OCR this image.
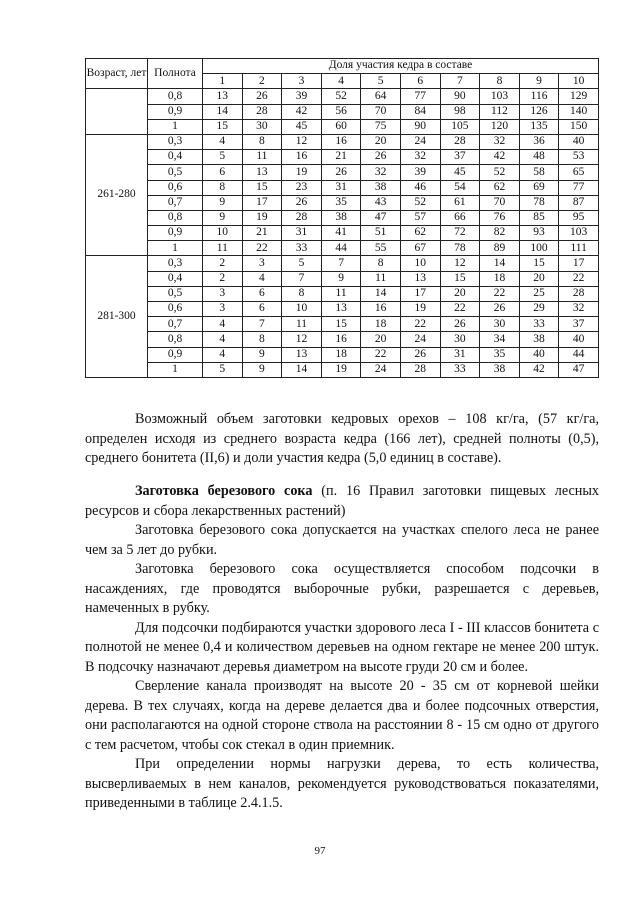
Возраст, лет	Полнота	Доля участия кедра в составе									
		1	2	3	4	5	6	7	8	9	10
	0,8	13	26	39	52	64	77	90	103	116	129
	0,9	14	28	42	56	70	84	98	112	126	140
	1	15	30	45	60	75	90	105	120	135	150
261-280	0,3	4	8	12	16	20	24	28	32	36	40
	0,4	5	11	16	21	26	32	37	42	48	53
	0,5	6	13	19	26	32	39	45	52	58	65
	0,6	8	15	23	31	38	46	54	62	69	77
	0,7	9	17	26	35	43	52	61	70	78	87
	0,8	9	19	28	38	47	57	66	76	85	95
	0,9	10	21	31	41	51	62	72	82	93	103
	1	11	22	33	44	55	67	78	89	100	111
281-300	0,3	2	3	5	7	8	10	12	14	15	17
	0,4	2	4	7	9	11	13	15	18	20	22
	0,5	3	6	8	11	14	17	20	22	25	28
	0,6	3	6	10	13	16	19	22	26	29	32
	0,7	4	7	11	15	18	22	26	30	33	37
	0,8	4	8	12	16	20	24	30	34	38	40
	0,9	4	9	13	18	22	26	31	35	40	44
	1	5	9	14	19	24	28	33	38	42	47

Возможный объем заготовки кедровых орехов – 108 кг/га, (57 кг/га, определен исходя из среднего возраста кедра (166 лет), средней полноты (0,5), среднего бонитета (II,6) и доли участия кедра (5,0 единиц в составе).

Заготовка березового сока (п. 16 Правил заготовки пищевых лесных ресурсов и сбора лекарственных растений)

Заготовка березового сока допускается на участках спелого леса не ранее чем за 5 лет до рубки.

Заготовка березового сока осуществляется способом подсочки в насаждениях, где проводятся выборочные рубки, разрешается с деревьев, намеченных в рубку.

Для подсочки подбираются участки здорового леса I - III классов бонитета с полнотой не менее 0,4 и количеством деревьев на одном гектаре не менее 200 штук. В подсочку назначают деревья диаметром на высоте груди 20 см и более.

Сверление канала производят на высоте 20 - 35 см от корневой шейки дерева. В тех случаях, когда на дереве делается два и более подсочных отверстия, они располагаются на одной стороне ствола на расстоянии 8 - 15 см одно от другого с тем расчетом, чтобы сок стекал в один приемник.

При определении нормы нагрузки дерева, то есть количества, высверливаемых в нем каналов, рекомендуется руководствоваться показателями, приведенными в таблице 2.4.1.5.

97
